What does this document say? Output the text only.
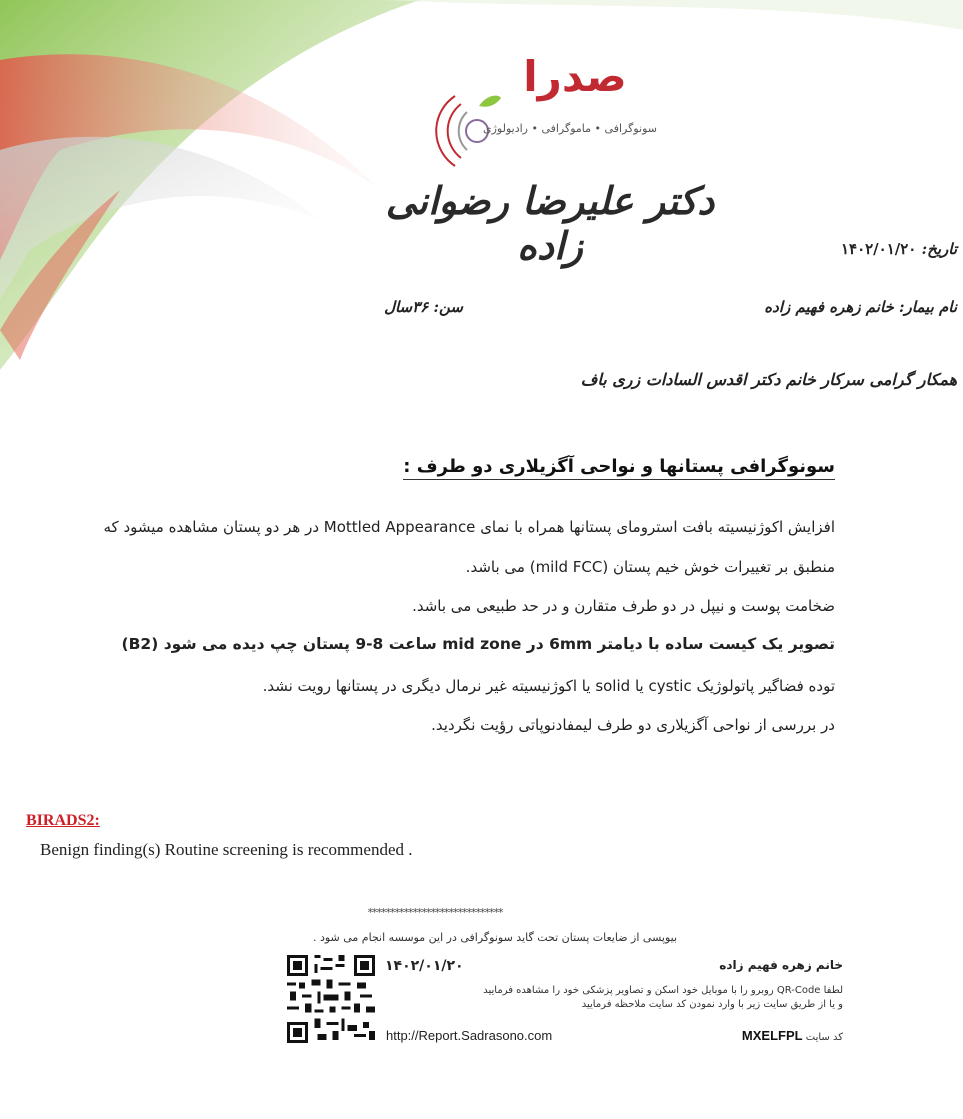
صدرا
سونوگرافی • ماموگرافی • رادیولوژی
دکتر علیرضا رضوانی زاده	تاریخ: ۱۴۰۲/۰۱/۲۰
نام بیمار: خانم زهره فهیم زاده
سن: ۳۶سال
همکار گرامی سرکار خانم دکتر اقدس السادات زری باف
سونوگرافی پستانها و نواحی آگزیلاری دو طرف :
افزایش اکوژنیسیته بافت استرومای پستانها همراه با نمای Mottled Appearance در هر دو پستان مشاهده میشود که
منطبق بر تغییرات خوش خیم پستان (mild FCC) می باشد.
ضخامت پوست و نیپل در دو طرف متقارن و در حد طبیعی می باشد.
تصویر یک کیست ساده با دیامتر 6mm در mid zone ساعت 8-9 پستان چپ دیده می شود (B2)
توده فضاگیر پاتولوژیک cystic یا solid یا اکوژنیسیته غیر نرمال دیگری در پستانها رویت نشد.
در بررسی از نواحی آگزیلاری دو طرف لیمفادنوپاتی رؤیت نگردید.
BIRADS2:
Benign finding(s) Routine screening is recommended .
******************************
بیوپسی از ضایعات پستان تحت گاید سونوگرافی در این موسسه انجام می شود .
۱۴۰۲/۰۱/۲۰	خانم زهره فهیم زاده
لطفا QR-Code روبرو را با موبایل خود اسکن و تصاویر پزشکی خود را مشاهده فرمایید
و یا از طریق سایت زیر با وارد نمودن کد سایت ملاحظه فرمایید
http://Report.Sadrasono.com	کد سایت MXELFPL
